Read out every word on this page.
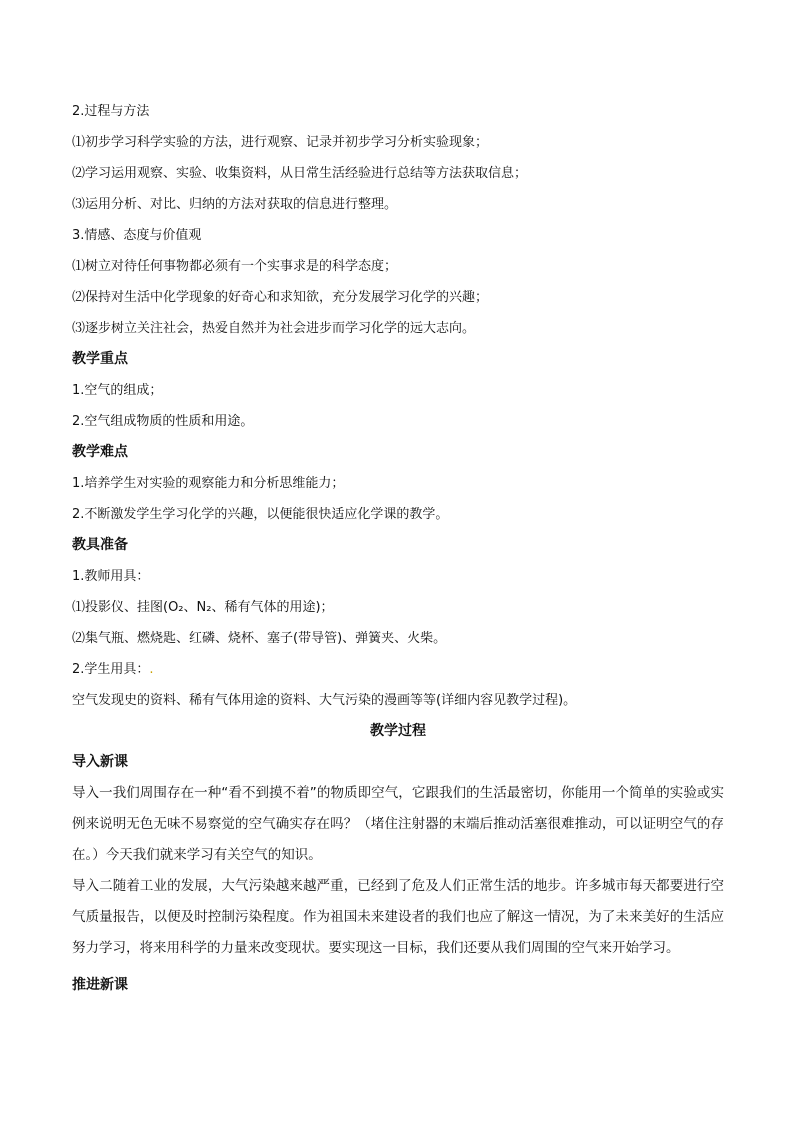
2.过程与方法
⑴初步学习科学实验的方法，进行观察、记录并初步学习分析实验现象；
⑵学习运用观察、实验、收集资料，从日常生活经验进行总结等方法获取信息；
⑶运用分析、对比、归纳的方法对获取的信息进行整理。
3.情感、态度与价值观
⑴树立对待任何事物都必须有一个实事求是的科学态度；
⑵保持对生活中化学现象的好奇心和求知欲，充分发展学习化学的兴趣；
⑶逐步树立关注社会，热爱自然并为社会进步而学习化学的远大志向。
教学重点
1.空气的组成；
2.空气组成物质的性质和用途。
教学难点
1.培养学生对实验的观察能力和分析思维能力；
2.不断激发学生学习化学的兴趣，以便能很快适应化学课的教学。
教具准备
1.教师用具：
⑴投影仪、挂图(O₂、N₂、稀有气体的用途)；
⑵集气瓶、燃烧匙、红磷、烧杯、塞子(带导管)、弹簧夹、火柴。
2.学生用具：.
空气发现史的资料、稀有气体用途的资料、大气污染的漫画等等(详细内容见教学过程)。
教学过程
导入新课
导入一我们周围存在一种“看不到摸不着”的物质即空气，它跟我们的生活最密切，你能用一个简单的实验或实例来说明无色无味不易察觉的空气确实存在吗？（堵住注射器的末端后推动活塞很难推动，可以证明空气的存在。）今天我们就来学习有关空气的知识。
导入二随着工业的发展，大气污染越来越严重，已经到了危及人们正常生活的地步。许多城市每天都要进行空气质量报告，以便及时控制污染程度。作为祖国未来建设者的我们也应了解这一情况，为了未来美好的生活应努力学习，将来用科学的力量来改变现状。要实现这一目标，我们还要从我们周围的空气来开始学习。
推进新课
